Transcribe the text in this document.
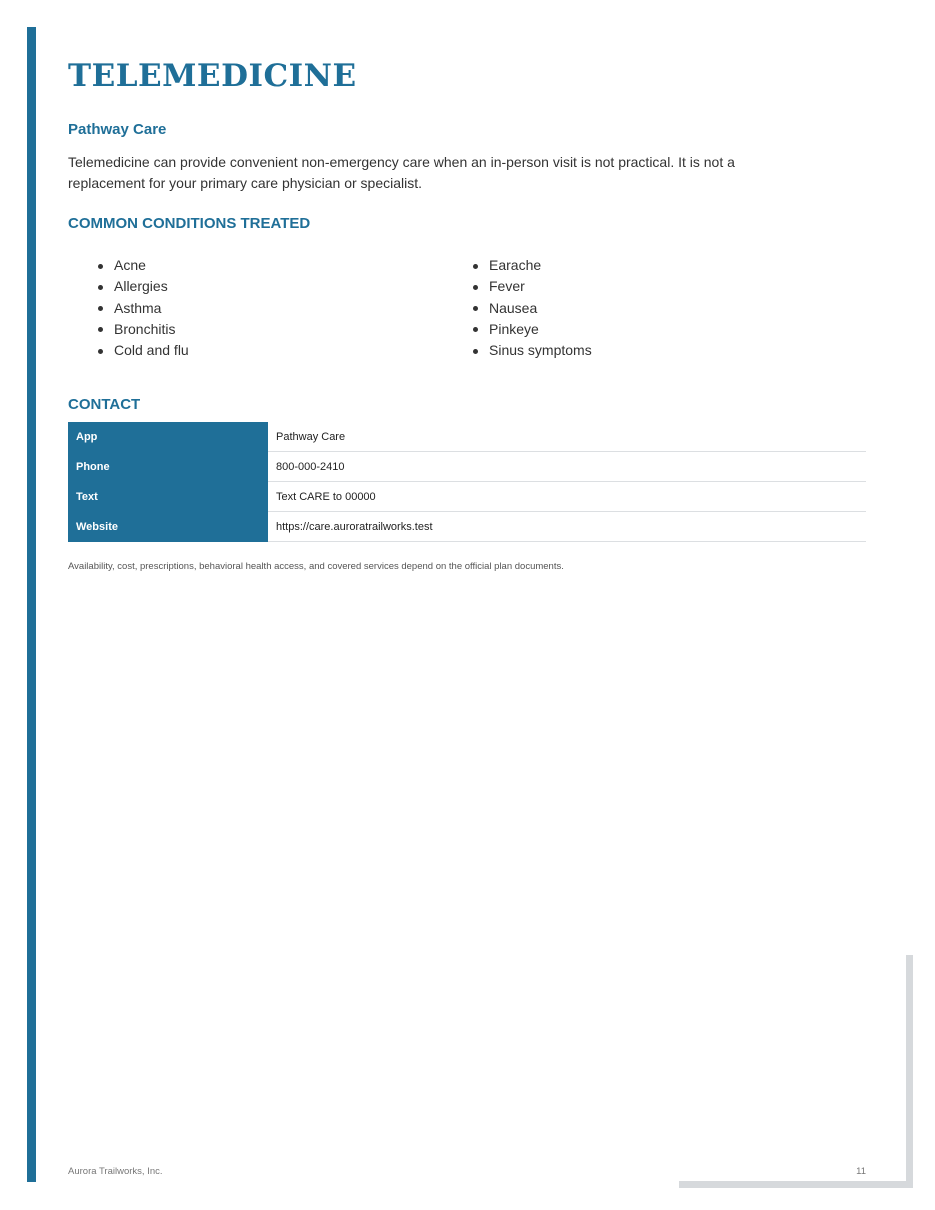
TELEMEDICINE
Pathway Care

Telemedicine can provide convenient non-emergency care when an in-person visit is not practical. It is not a replacement for your primary care physician or specialist.

COMMON CONDITIONS TREATED
Acne
Allergies
Asthma
Bronchitis
Cold and flu
Earache
Fever
Nausea
Pinkeye
Sinus symptoms
CONTACT
App	Pathway Care
Phone	800-000-2410
Text	Text CARE to 00000
Website	https://care.auroratrailworks.test

Availability, cost, prescriptions, behavioral health access, and covered services depend on the official plan documents.

Aurora Trailworks, Inc.	11
